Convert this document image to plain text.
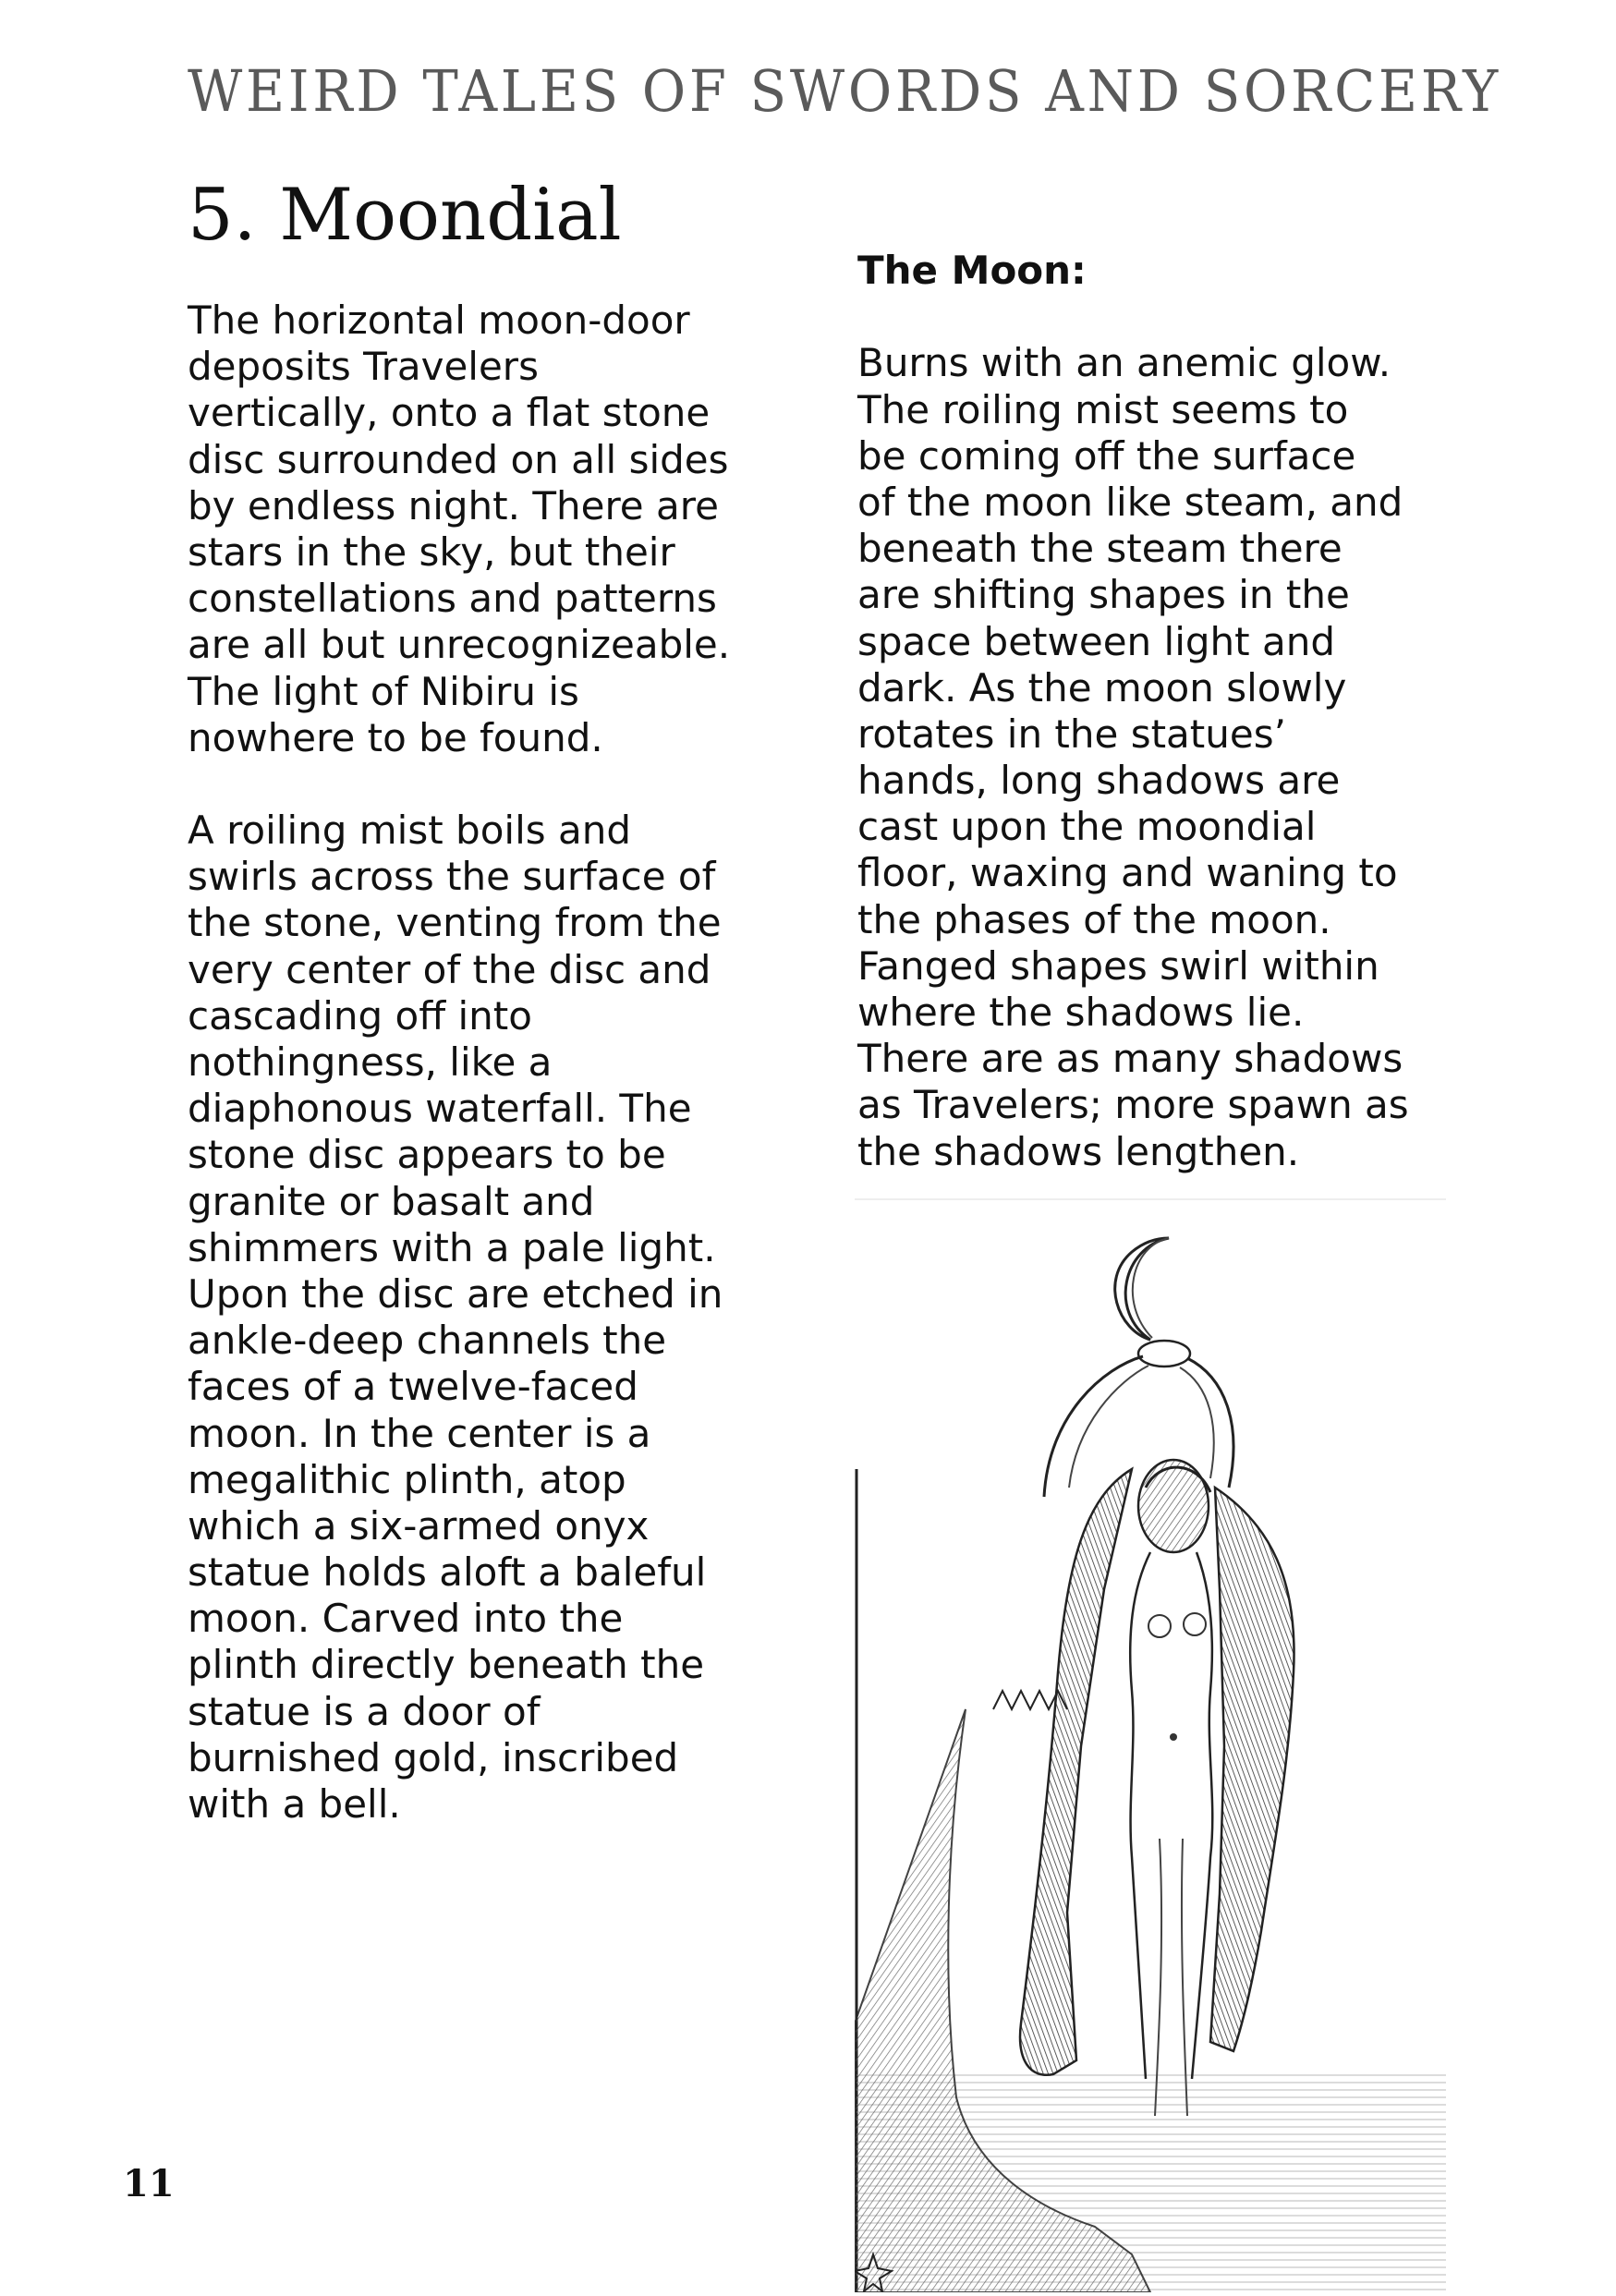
WEIRD TALES OF SWORDS AND SORCERY
5. Moondial
The horizontal moon-door
deposits Travelers
vertically, onto a flat stone
disc surrounded on all sides
by endless night. There are
stars in the sky, but their
constellations and patterns
are all but unrecognizeable.
The light of Nibiru is
nowhere to be found.
A roiling mist boils and
swirls across the surface of
the stone, venting from the
very center of the disc and
cascading off into
nothingness, like a
diaphonous waterfall. The
stone disc appears to be
granite or basalt and
shimmers with a pale light.
Upon the disc are etched in
ankle-deep channels the
faces of a twelve-faced
moon. In the center is a
megalithic plinth, atop
which a six-armed onyx
statue holds aloft a baleful
moon. Carved into the
plinth directly beneath the
statue is a door of
burnished gold, inscribed
with a bell.
The Moon:
Burns with an anemic glow.
The roiling mist seems to
be coming off the surface
of the moon like steam, and
beneath the steam there
are shifting shapes in the
space between light and
dark. As the moon slowly
rotates in the statues’
hands, long shadows are
cast upon the moondial
floor, waxing and waning to
the phases of the moon.
Fanged shapes swirl within
where the shadows lie.
There are as many shadows
as Travelers; more spawn as
the shadows lengthen.
11
